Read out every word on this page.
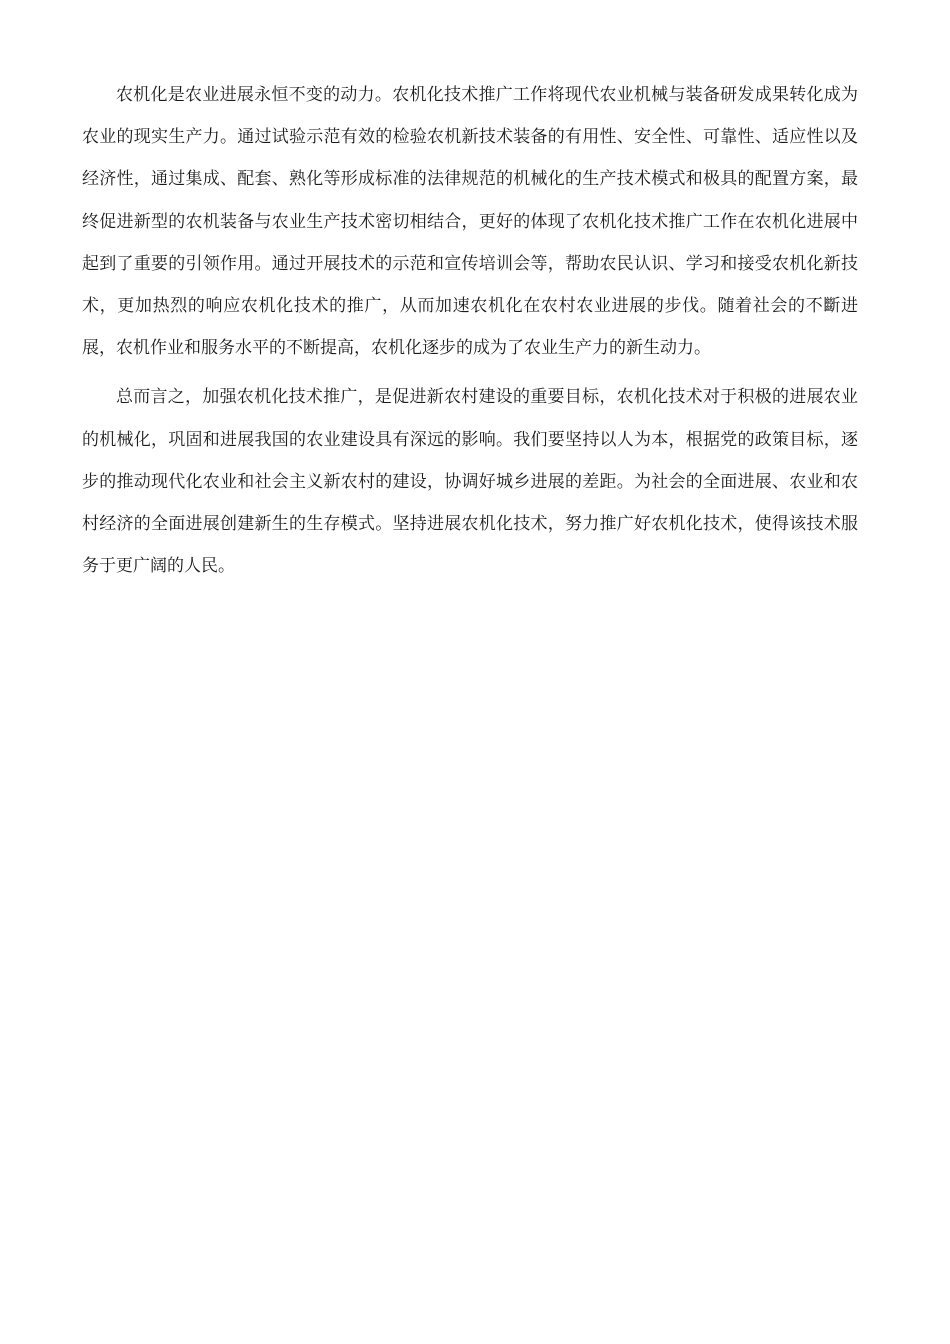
农机化是农业进展永恒不变的动力。农机化技术推广工作将现代农业机械与装备研发成果转化成为农业的现实生产力。通过试验示范有效的检验农机新技术装备的有用性、安全性、可靠性、适应性以及经济性，通过集成、配套、熟化等形成标准的法律规范的机械化的生产技术模式和极具的配置方案，最终促进新型的农机装备与农业生产技术密切相结合，更好的体现了农机化技术推广工作在农机化进展中起到了重要的引领作用。通过开展技术的示范和宣传培训会等，帮助农民认识、学习和接受农机化新技术，更加热烈的响应农机化技术的推广，从而加速农机化在农村农业进展的步伐。随着社会的不斷进展，农机作业和服务水平的不断提高，农机化逐步的成为了农业生产力的新生动力。

总而言之，加强农机化技术推广，是促进新农村建设的重要目标，农机化技术对于积极的进展农业的机械化，巩固和进展我国的农业建设具有深远的影响。我们要坚持以人为本，根据党的政策目标，逐步的推动现代化农业和社会主义新农村的建设，协调好城乡进展的差距。为社会的全面进展、农业和农村经济的全面进展创建新生的生存模式。坚持进展农机化技术，努力推广好农机化技术，使得该技术服务于更广阔的人民。
